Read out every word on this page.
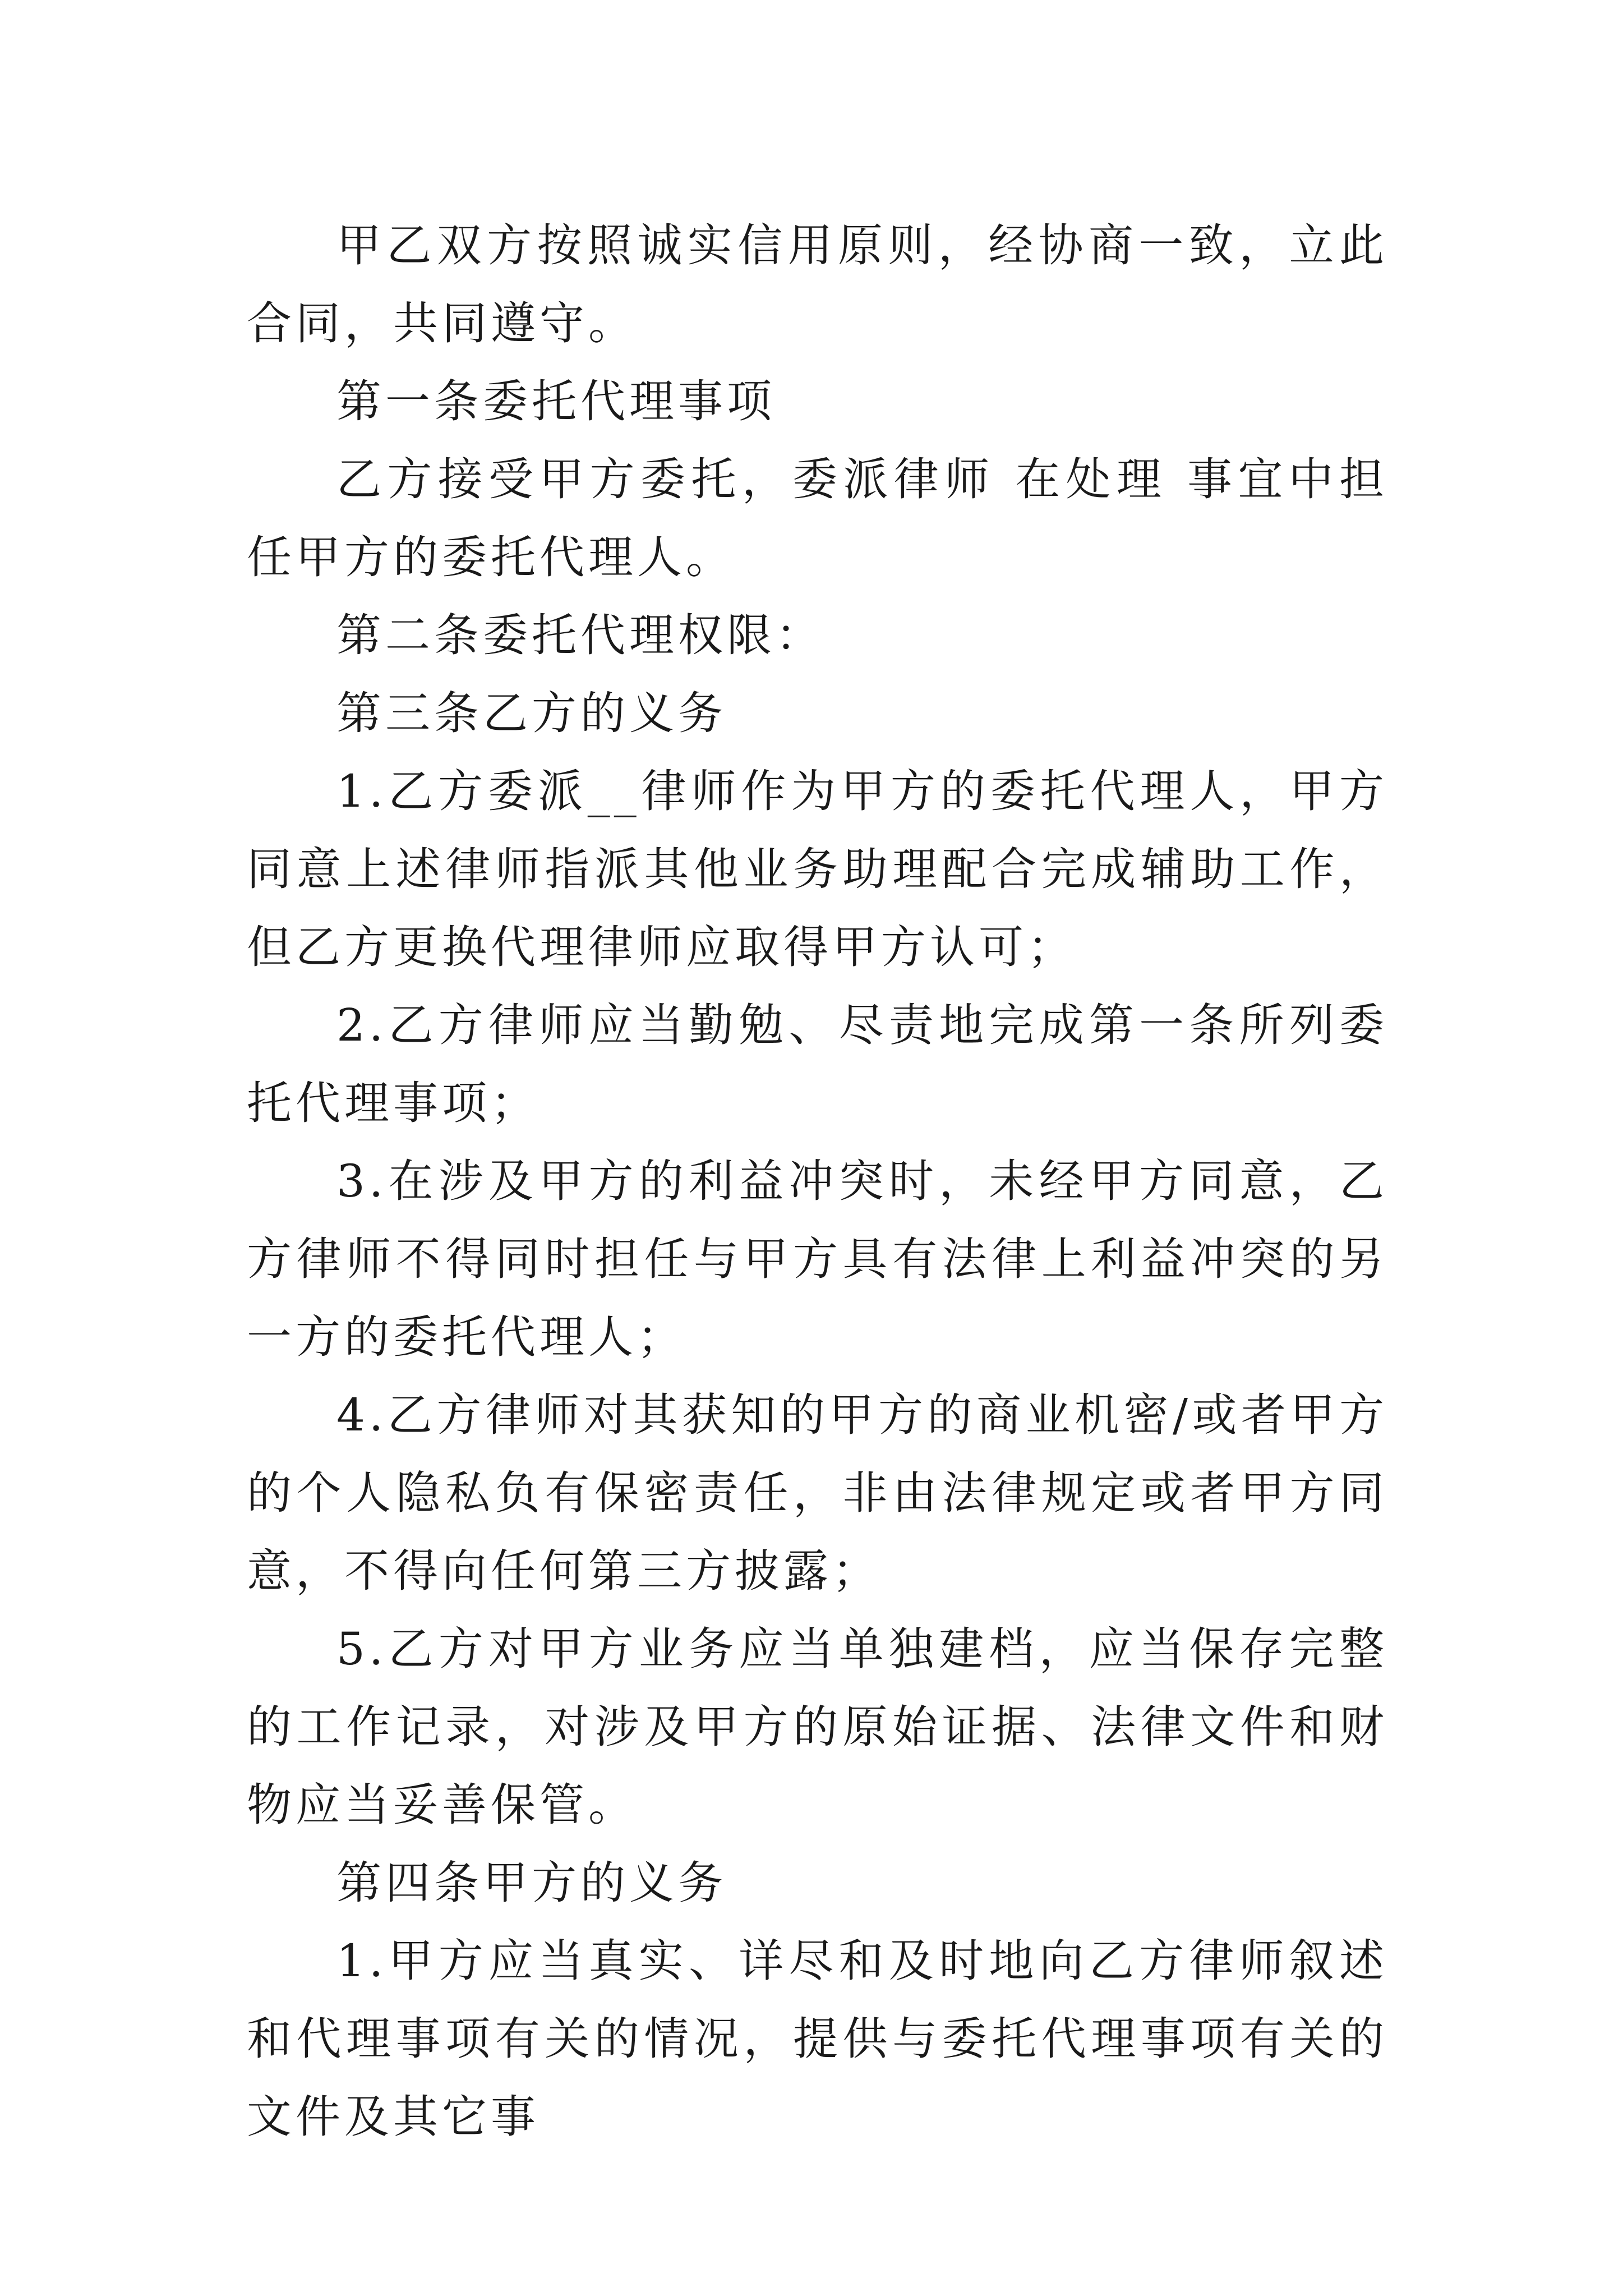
甲乙双方按照诚实信用原则，经协商一致，立此合同，共同遵守。

第一条委托代理事项

乙方接受甲方委托，委派律师 在处理 事宜中担任甲方的委托代理人。

第二条委托代理权限：

第三条乙方的义务

1.乙方委派__律师作为甲方的委托代理人，甲方同意上述律师指派其他业务助理配合完成辅助工作，但乙方更换代理律师应取得甲方认可；

2.乙方律师应当勤勉、尽责地完成第一条所列委托代理事项；

3.在涉及甲方的利益冲突时，未经甲方同意，乙方律师不得同时担任与甲方具有法律上利益冲突的另一方的委托代理人；

4.乙方律师对其获知的甲方的商业机密/或者甲方的个人隐私负有保密责任，非由法律规定或者甲方同意，不得向任何第三方披露；

5.乙方对甲方业务应当单独建档，应当保存完整的工作记录，对涉及甲方的原始证据、法律文件和财物应当妥善保管。

第四条甲方的义务

1.甲方应当真实、详尽和及时地向乙方律师叙述和代理事项有关的情况，提供与委托代理事项有关的文件及其它事
